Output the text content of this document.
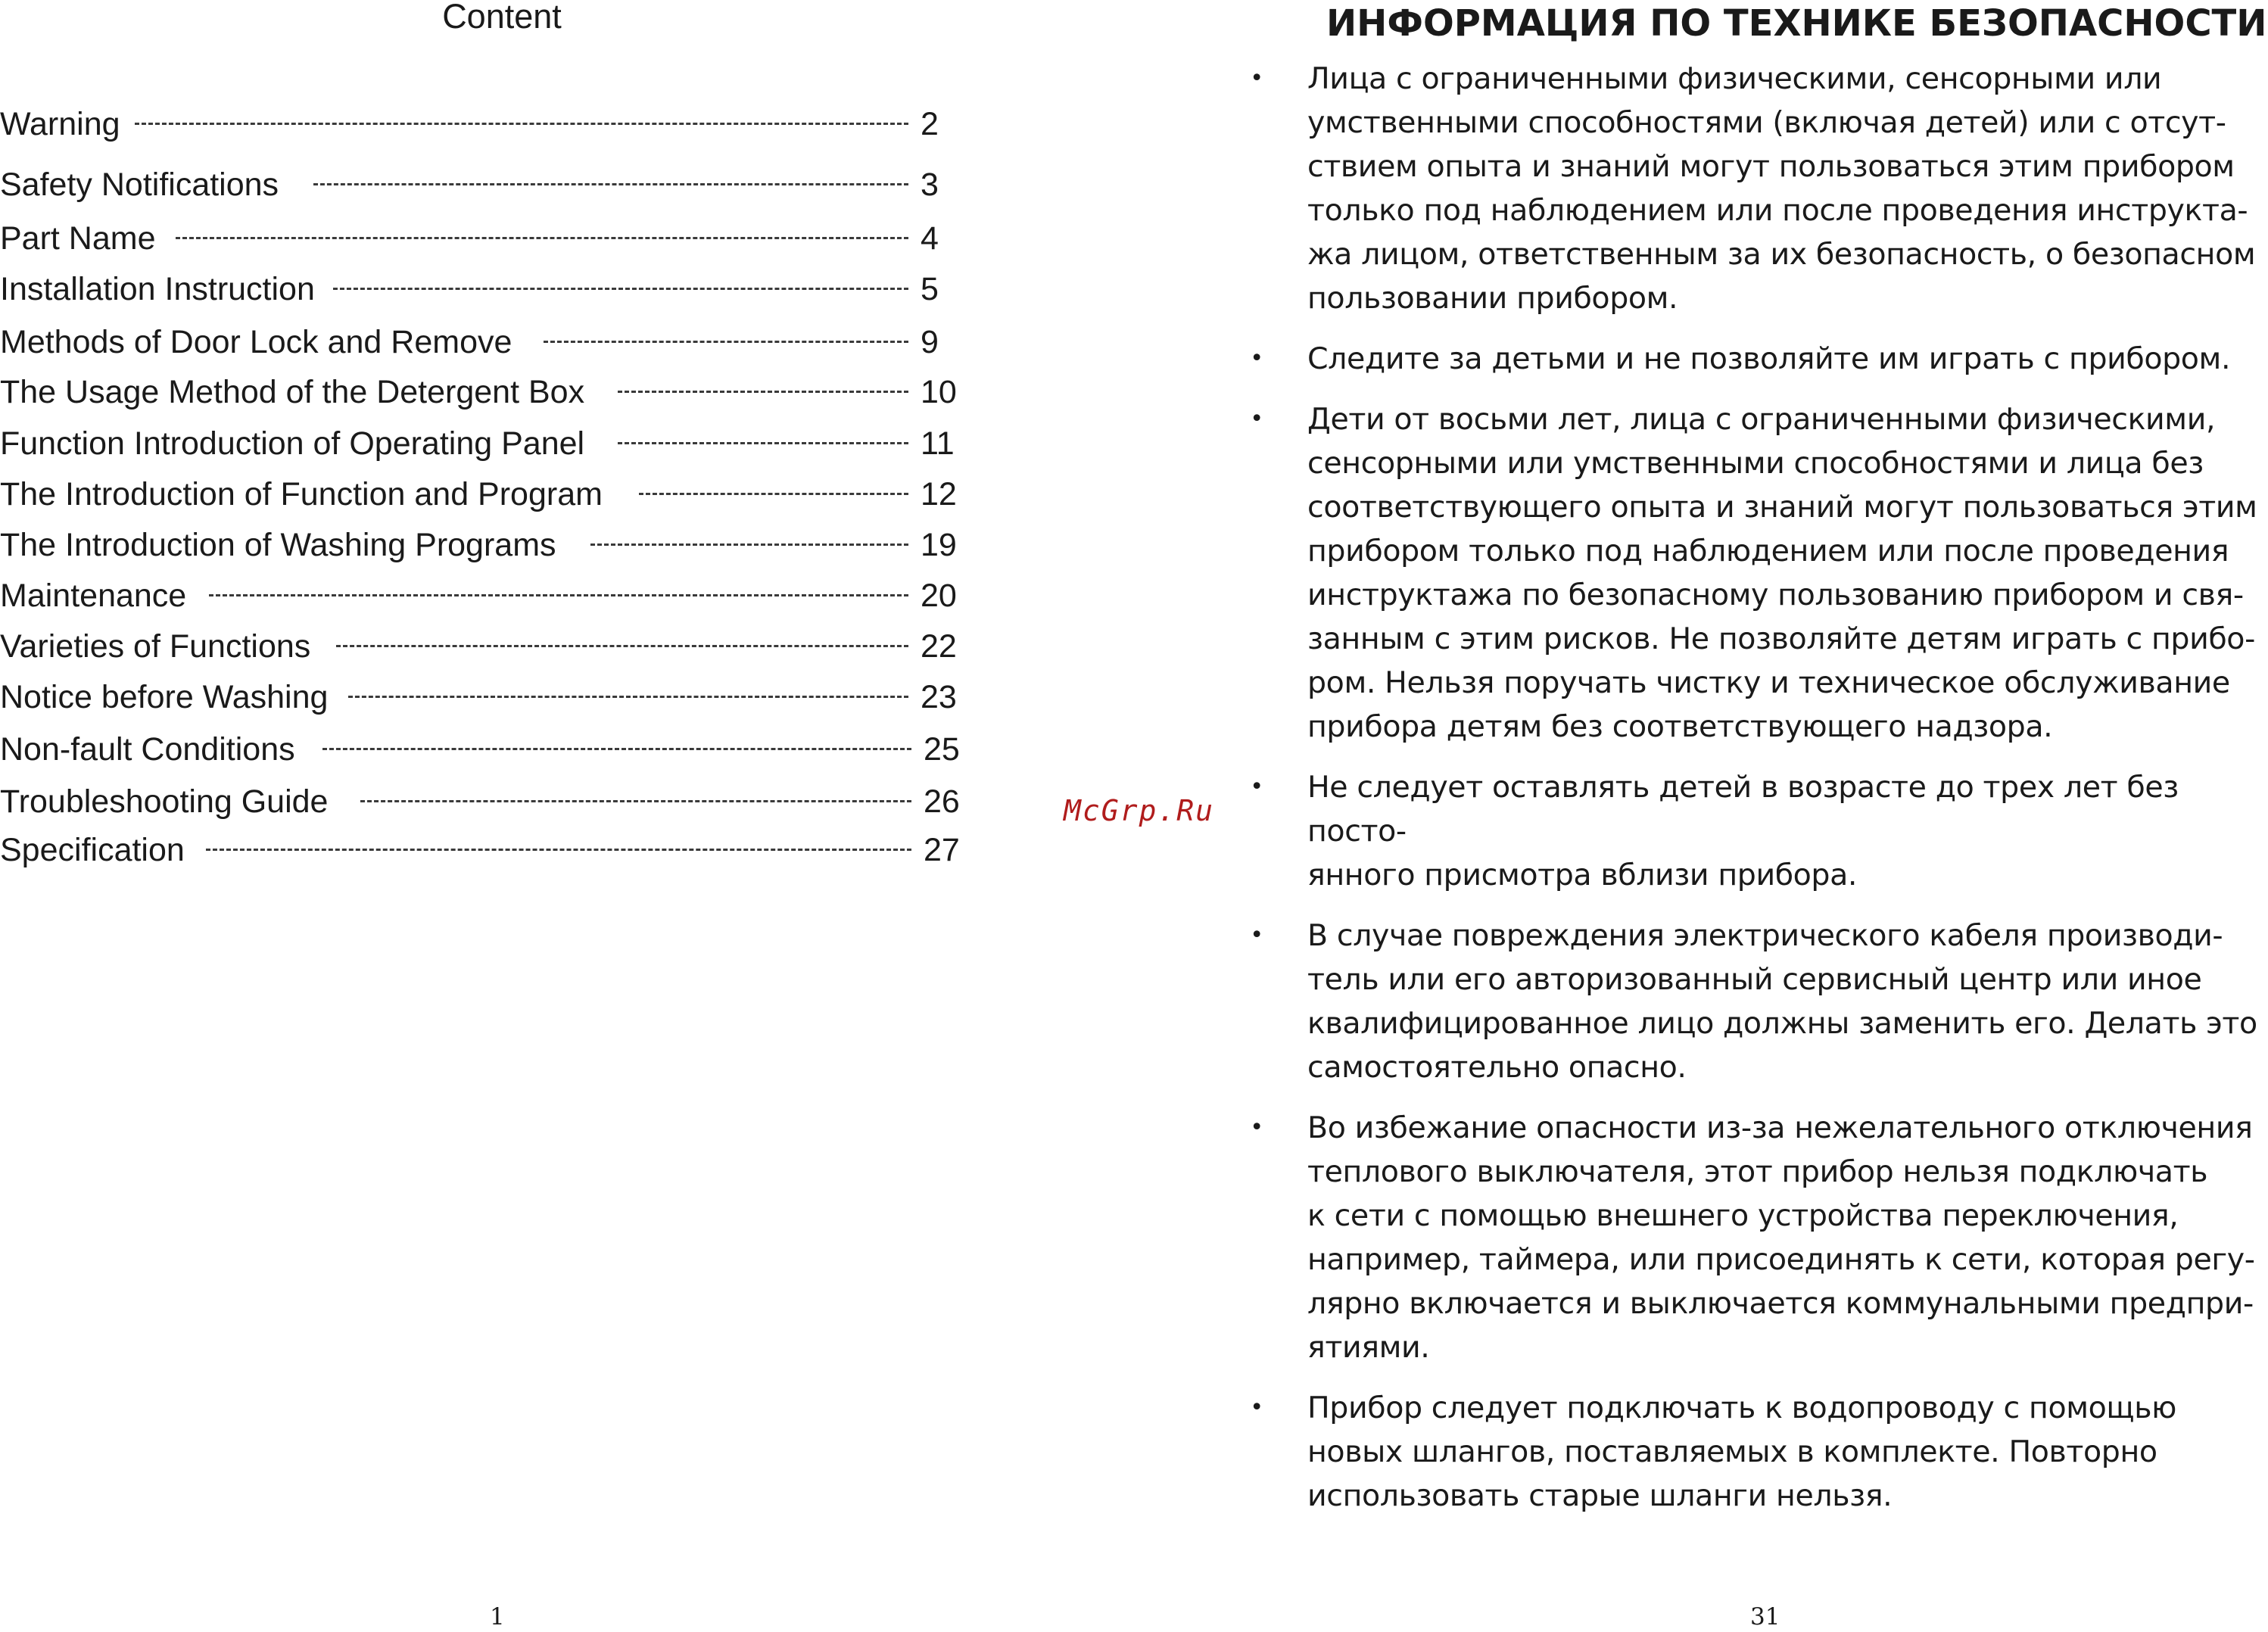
Content
Warning	2
Safety Notifications	3
Part Name	4
Installation Instruction	5
Methods of Door Lock and Remove	9
The Usage Method of the Detergent Box	10
Function Introduction of Operating Panel	11
The Introduction of Function and Program	12
The Introduction of Washing Programs	19
Maintenance	20
Varieties of Functions	22
Notice before Washing	23
Non-fault Conditions	25
Troubleshooting Guide	26
Specification	27
1
McGrp.Ru
ИНФОРМАЦИЯ ПО ТЕХНИКЕ БЕЗОПАСНОСТИ
• Лица с ограниченными физическими, сенсорными или
умственными способностями (включая детей) или с отсут-
ствием опыта и знаний могут пользоваться этим прибором
только под наблюдением или после проведения инструкта-
жа лицом, ответственным за их безопасность, о безопасном
пользовании прибором.
• Следите за детьми и не позволяйте им играть с прибором.
• Дети от восьми лет, лица с ограниченными физическими,
сенсорными или умственными способностями и лица без
соответствующего опыта и знаний могут пользоваться этим
прибором только под наблюдением или после проведения
инструктажа по безопасному пользованию прибором и свя-
занным с этим рисков. Не позволяйте детям играть с прибо-
ром. Нельзя поручать чистку и техническое обслуживание
прибора детям без соответствующего надзора.
• Не следует оставлять детей в возрасте до трех лет без посто-
янного присмотра вблизи прибора.
• В случае повреждения электрического кабеля производи-
тель или его авторизованный сервисный центр или иное
квалифицированное лицо должны заменить его. Делать это
самостоятельно опасно.
• Во избежание опасности из-за нежелательного отключения
теплового выключателя, этот прибор нельзя подключать
к сети с помощью внешнего устройства переключения,
например, таймера, или присоединять к сети, которая регу-
лярно включается и выключается коммунальными предпри-
ятиями.
• Прибор следует подключать к водопроводу с помощью
новых шлангов, поставляемых в комплекте. Повторно
использовать старые шланги нельзя.
31
